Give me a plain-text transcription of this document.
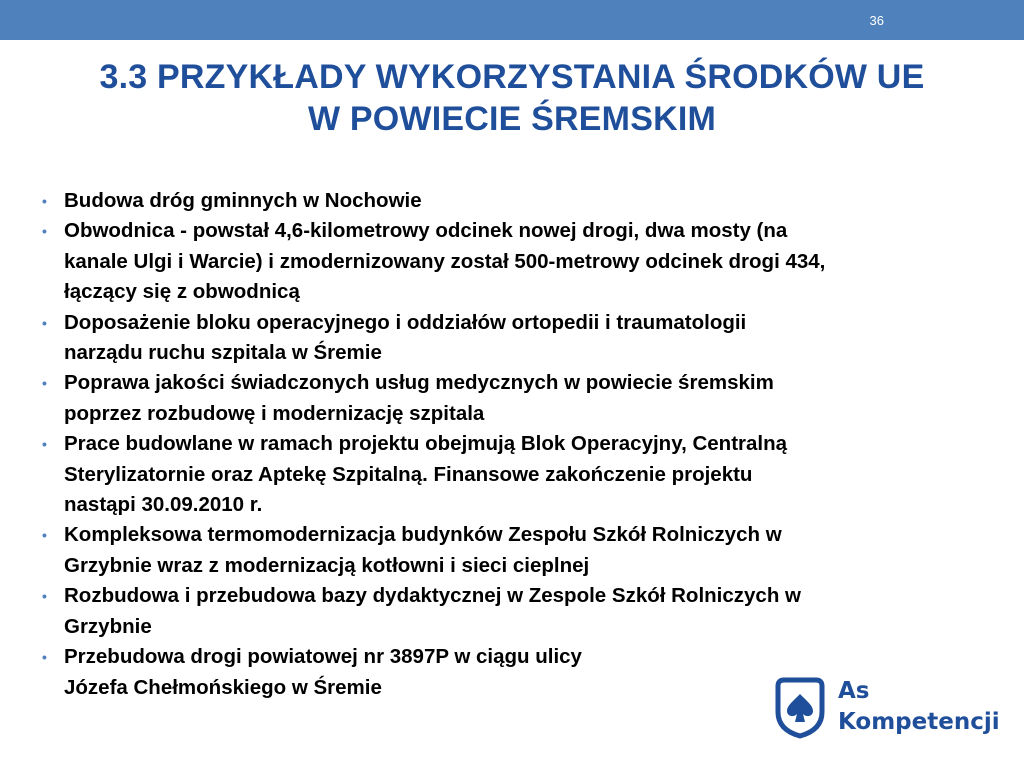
36
3.3 PRZYKŁADY WYKORZYSTANIA ŚRODKÓW UE
W POWIECIE ŚREMSKIM
• Budowa dróg gminnych w Nochowie
• Obwodnica - powstał 4,6-kilometrowy odcinek nowej drogi, dwa mosty (na
kanale Ulgi i Warcie) i zmodernizowany został 500-metrowy odcinek drogi 434,
łączący się z obwodnicą
• Doposażenie bloku operacyjnego i oddziałów ortopedii i traumatologii
narządu ruchu szpitala w Śremie
• Poprawa jakości świadczonych usług medycznych w powiecie śremskim
poprzez rozbudowę i modernizację szpitala
• Prace budowlane w ramach projektu obejmują Blok Operacyjny, Centralną
Sterylizatornie oraz Aptekę Szpitalną. Finansowe zakończenie projektu
nastąpi 30.09.2010 r.
• Kompleksowa termomodernizacja budynków Zespołu Szkół Rolniczych w
Grzybnie wraz z modernizacją kotłowni i sieci cieplnej
• Rozbudowa i przebudowa bazy dydaktycznej w Zespole Szkół Rolniczych w
Grzybnie
• Przebudowa drogi powiatowej nr 3897P w ciągu ulicy
Józefa Chełmońskiego w Śremie	As
Kompetencji
